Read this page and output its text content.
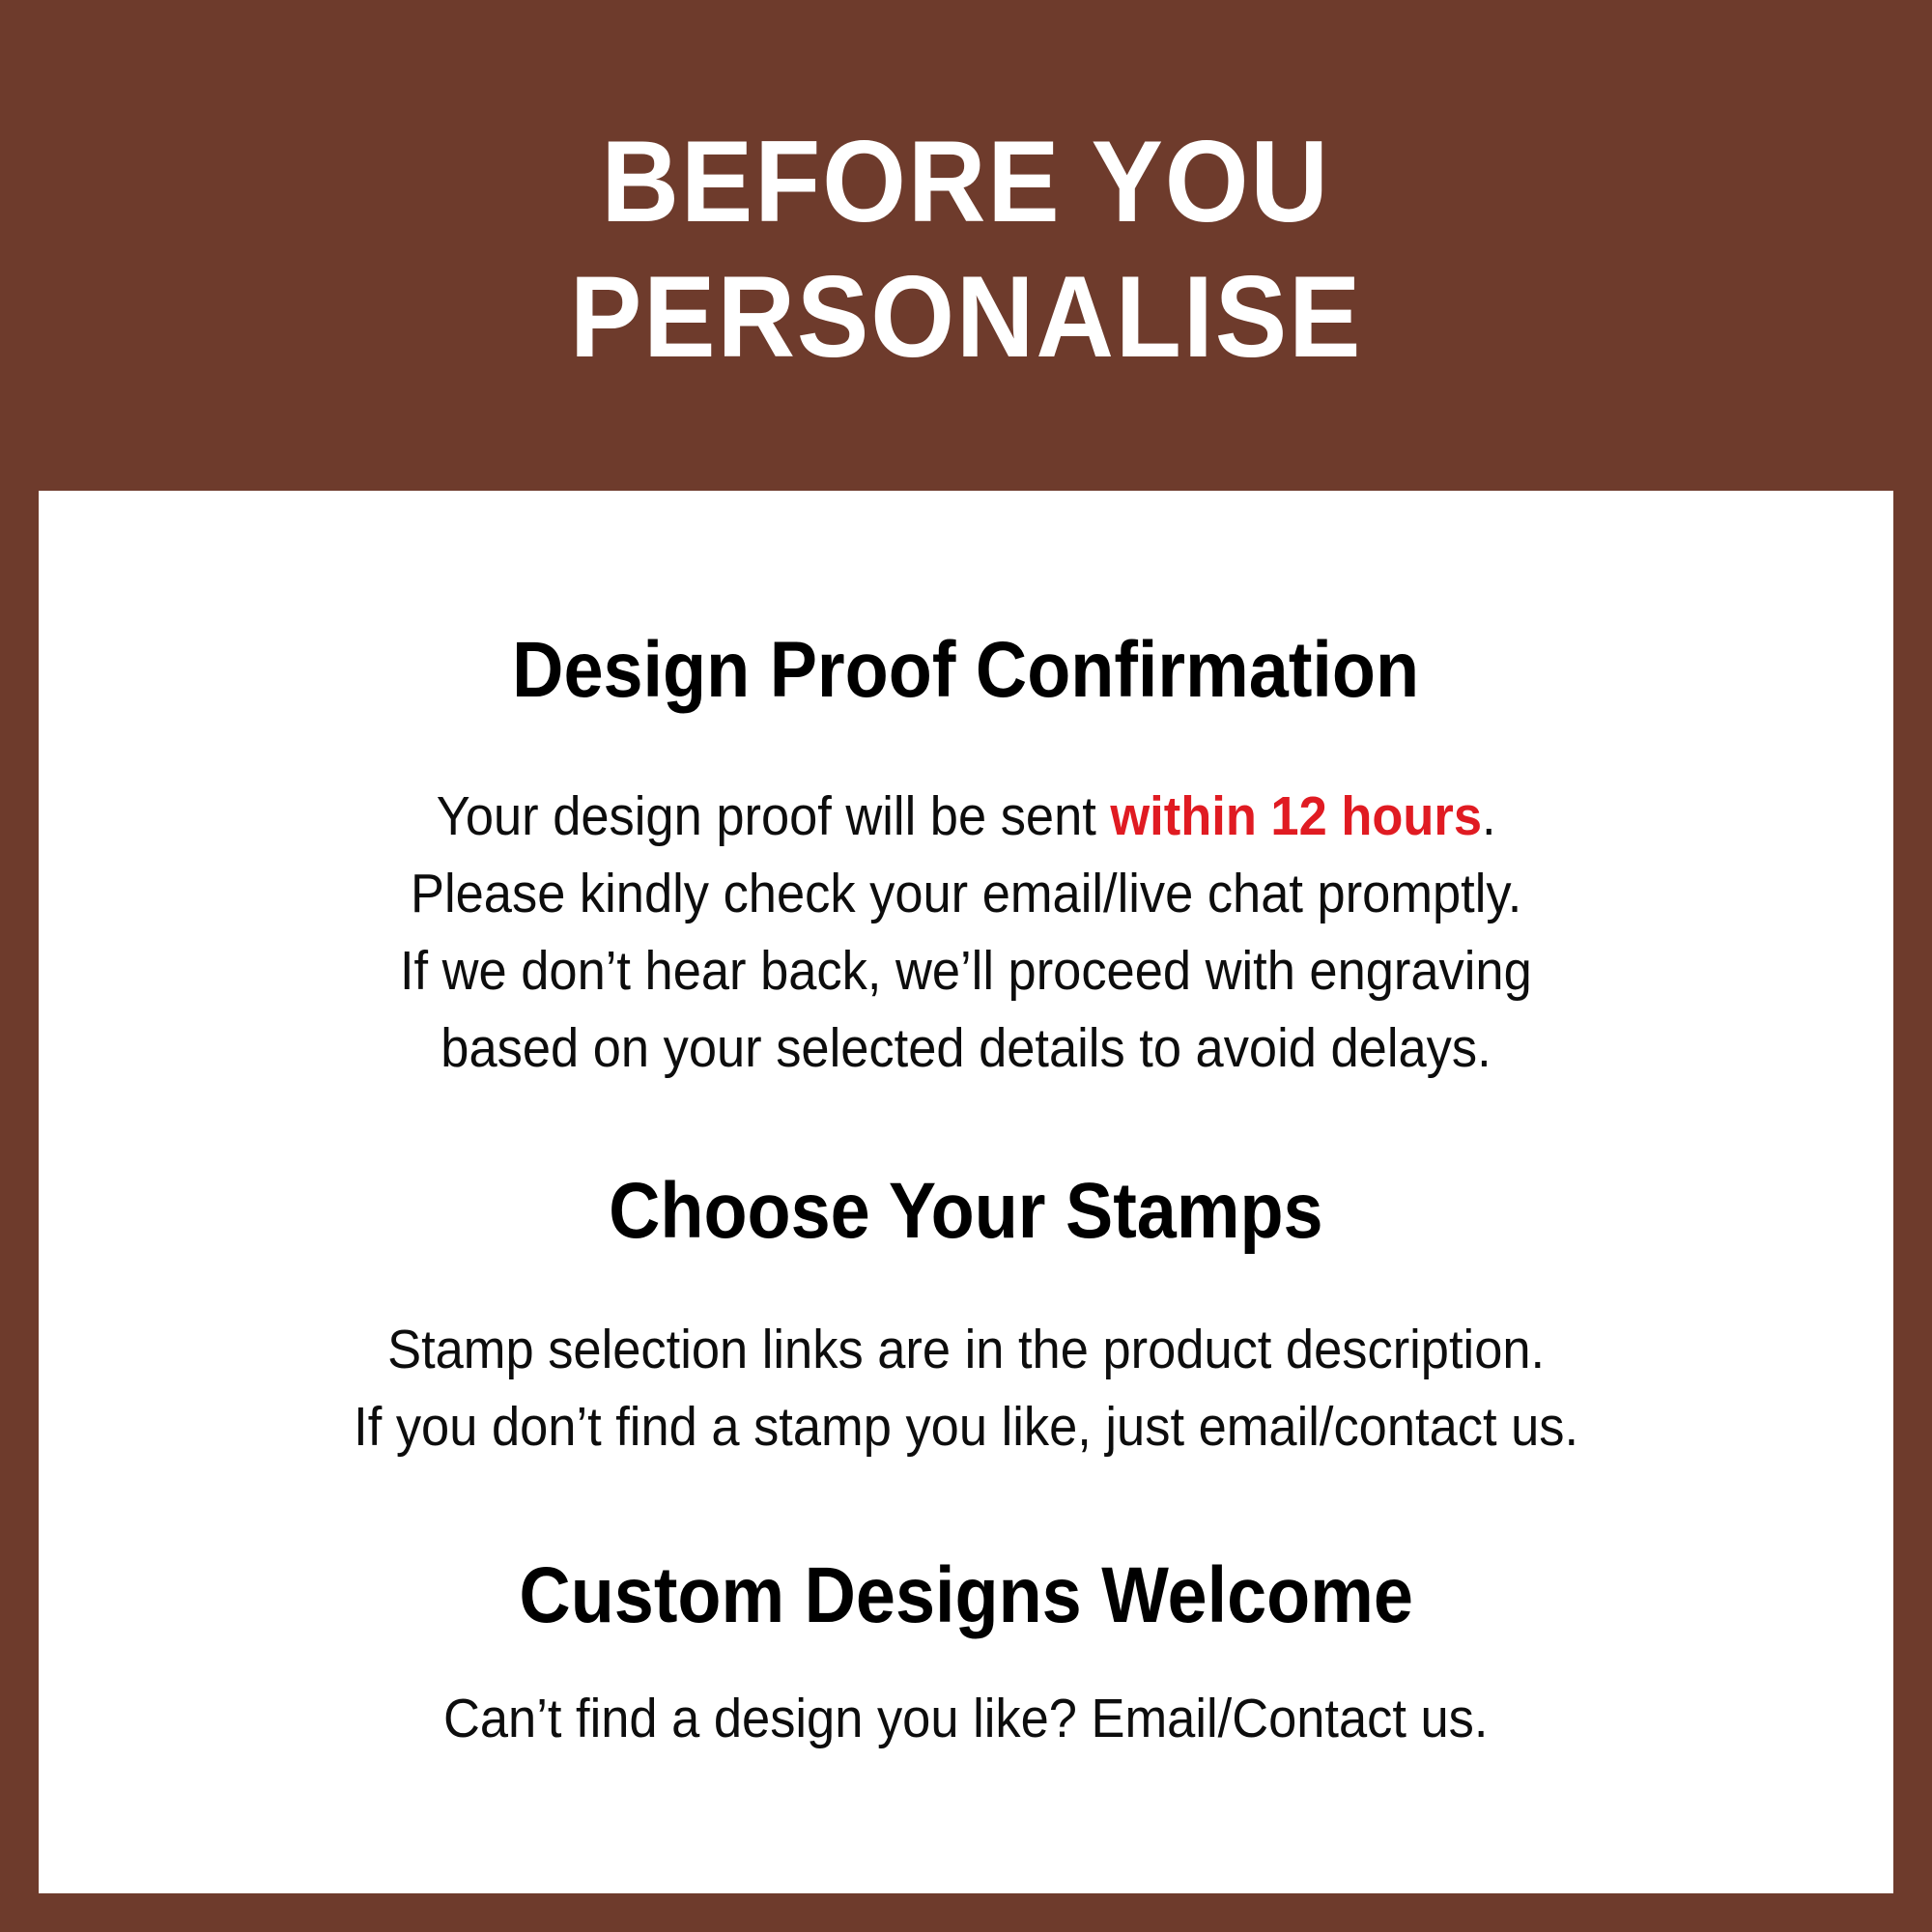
BEFORE YOU
PERSONALISE
Design Proof Confirmation
Your design proof will be sent within 12 hours.
Please kindly check your email/live chat promptly.
If we don’t hear back, we’ll proceed with engraving
based on your selected details to avoid delays.
Choose Your Stamps
Stamp selection links are in the product description.
If you don’t find a stamp you like, just email/contact us.
Custom Designs Welcome
Can’t find a design you like? Email/Contact us.
